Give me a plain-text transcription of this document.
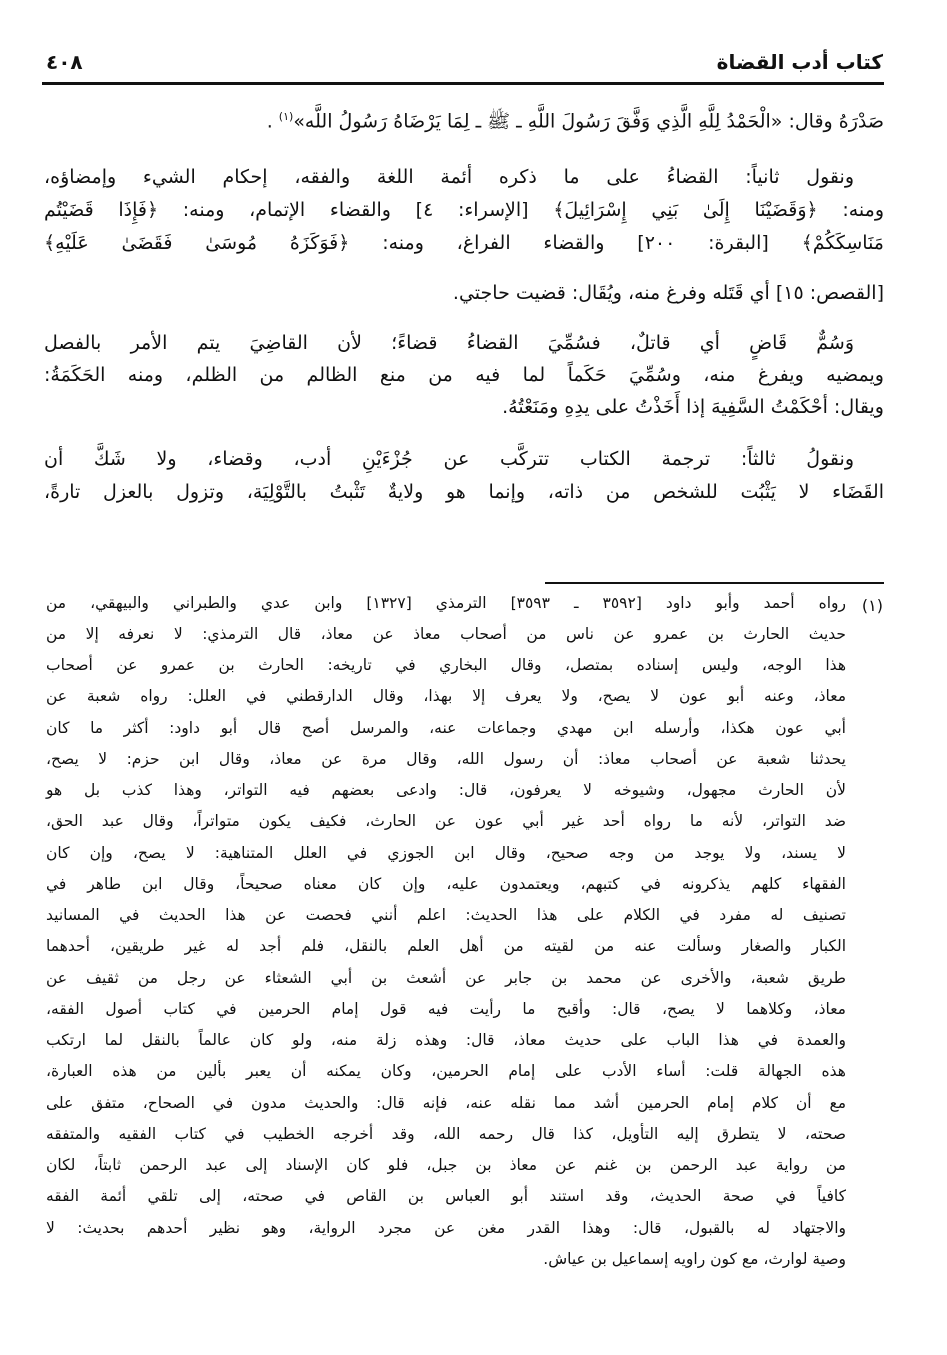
٤٠٨	كتاب أدب القضاة
صَدْرَهُ وقال: «الْحَمْدُ لِلَّهِ الَّذِي وَفَّقَ رَسُولَ اللَّهِ ـ ﷺ ـ لِمَا يَرْضَاهُ رَسُولُ اللَّه»$^{(١)}$ .
ونقول ثانياً: القضاءُ على ما ذكره أئمة اللغة والفقه، إحكام الشيء وإمضاؤه،
ومنه: ﴿وَقَضَيْنَا إِلَىٰ بَنِي إِسْرَائِيلَ﴾ [الإسراء: ٤] والقضاء الإتمام، ومنه: ﴿فَإِذَا قَضَيْتُم
مَنَاسِكَكُمْ﴾ [البقرة: ٢٠٠] والقضاء الفراغ، ومنه: ﴿فَوَكَزَهُ مُوسَىٰ فَقَضَىٰ عَلَيْهِ﴾
[القصص: ١٥] أي قَتَله وفرغ منه، ويُقَال: قضيت حاجتي.
وَسُمٌّ قَاضٍ أي قاتلٌ، فسُمِّيَ القضاءُ قضاءً؛ لأن القاضِيَ يتم الأمر بالفصل
ويمضيه ويفرغ منه، وسُمِّيَ حَكَماً لما فيه من منع الظالم من الظلم، ومنه الحَكَمَةُ:
ويقال: أحْكَمْتُ السَّفِيهَ إذا أَخَذْتُ على يدِهِ ومَنَعْتُهُ.
ونقولُ ثالثاً: ترجمة الكتاب تتركَّب عن جُزْءَيْنِ أدب، وقضاء، ولا شَكَّ أن
القَضَاء لا يَثْبُت للشخص من ذاته، وإنما هو ولايةٌ تَثْبتُ بالتَّوْلِيَة، وتزول بالعزل تارةً،
(١)
رواه أحمد وأبو داود [٣٥٩٢ ـ ٣٥٩٣] الترمذي [١٣٢٧] وابن عدي والطبراني والبيهقي، من
حديث الحارث بن عمرو عن ناس من أصحاب معاذ عن معاذ، قال الترمذي: لا نعرفه إلا من
هذا الوجه، وليس إسناده بمتصل، وقال البخاري في تاريخه: الحارث بن عمرو عن أصحاب
معاذ، وعنه أبو عون لا يصح، ولا يعرف إلا بهذا، وقال الدارقطني في العلل: رواه شعبة عن
أبي عون هكذا، وأرسله ابن مهدي وجماعات عنه، والمرسل أصح قال أبو داود: أكثر ما كان
يحدثنا شعبة عن أصحاب معاذ: أن رسول الله، وقال مرة عن معاذ، وقال ابن حزم: لا يصح،
لأن الحارث مجهول، وشيوخه لا يعرفون، قال: وادعى بعضهم فيه التواتر، وهذا كذب بل هو
ضد التواتر، لأنه ما رواه أحد غير أبي عون عن الحارث، فكيف يكون متواتراً، وقال عبد الحق،
لا يسند، ولا يوجد من وجه صحيح، وقال ابن الجوزي في العلل المتناهية: لا يصح، وإن كان
الفقهاء كلهم يذكرونه في كتبهم، ويعتمدون عليه، وإن كان معناه صحيحاً، وقال ابن طاهر في
تصنيف له مفرد في الكلام على هذا الحديث: اعلم أنني فحصت عن هذا الحديث في المسانيد
الكبار والصغار وسألت عنه من لقيته من أهل العلم بالنقل، فلم أجد له غير طريقين، أحدهما
طريق شعبة، والأخرى عن محمد بن جابر عن أشعث بن أبي الشعثاء عن رجل من ثقيف عن
معاذ، وكلاهما لا يصح، قال: وأقبح ما رأيت فيه قول إمام الحرمين في كتاب أصول الفقه،
والعمدة في هذا الباب على حديث معاذ، قال: وهذه زلة منه، ولو كان عالماً بالنقل لما ارتكب
هذه الجهالة قلت: أساء الأدب على إمام الحرمين، وكان يمكنه أن يعبر بألين من هذه العبارة،
مع أن كلام إمام الحرمين أشد مما نقله عنه، فإنه قال: والحديث مدون في الصحاح، متفق على
صحته، لا يتطرق إليه التأويل، كذا قال رحمه الله، وقد أخرجه الخطيب في كتاب الفقيه والمتفقه
من رواية عبد الرحمن بن غنم عن معاذ بن جبل، فلو كان الإسناد إلى عبد الرحمن ثابتاً، لكان
كافياً في صحة الحديث، وقد استند أبو العباس بن القاص في صحته، إلى تلقي أئمة الفقه
والاجتهاد له بالقبول، قال: وهذا القدر مغن عن مجرد الرواية، وهو نظير أحدهم بحديث: لا
وصية لوارث، مع كون راويه إسماعيل بن عياش.
